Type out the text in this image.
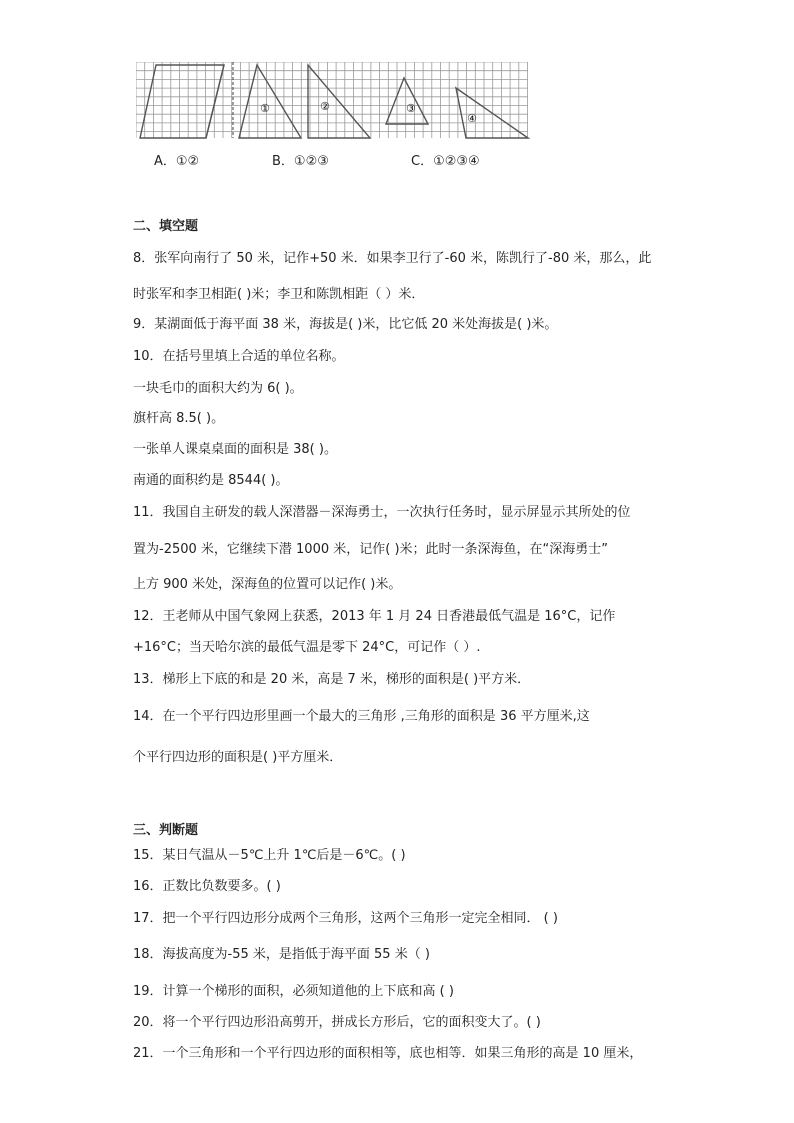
①	②	③
④
A．①②	B．①②③	C．①②③④
二、填空题
8．张军向南行了 50 米，记作+50 米．如果李卫行了-60 米，陈凯行了-80 米，那么，此
时张军和李卫相距( )米；李卫和陈凯相距（ ）米．
9．某湖面低于海平面 38 米，海拔是( )米，比它低 20 米处海拔是( )米。
10．在括号里填上合适的单位名称。
一块毛巾的面积大约为 6( )。
旗杆高 8.5( )。
一张单人课桌桌面的面积是 38( )。
南通的面积约是 8544( )。
11．我国自主研发的载人深潜器－深海勇士，一次执行任务时，显示屏显示其所处的位
置为-2500 米，它继续下潜 1000 米，记作( )米；此时一条深海鱼，在“深海勇士”
上方 900 米处，深海鱼的位置可以记作( )米。
12．王老师从中国气象网上获悉，2013 年 1 月 24 日香港最低气温是 16°C，记作
+16°C；当天哈尔滨的最低气温是零下 24°C，可记作（ ）.
13．梯形上下底的和是 20 米，高是 7 米，梯形的面积是( )平方米．
14．在一个平行四边形里画一个最大的三角形 ,三角形的面积是 36 平方厘米,这
个平行四边形的面积是( )平方厘米．
三、判断题
15．某日气温从－5℃上升 1℃后是－6℃。( )
16．正数比负数要多。( )
17．把一个平行四边形分成两个三角形，这两个三角形一定完全相同． ( )
18．海拔高度为-55 米，是指低于海平面 55 米（ )
19．计算一个梯形的面积，必须知道他的上下底和高 ( )
20．将一个平行四边形沿高剪开，拼成长方形后，它的面积变大了。( )
21．一个三角形和一个平行四边形的面积相等，底也相等．如果三角形的高是 10 厘米，
